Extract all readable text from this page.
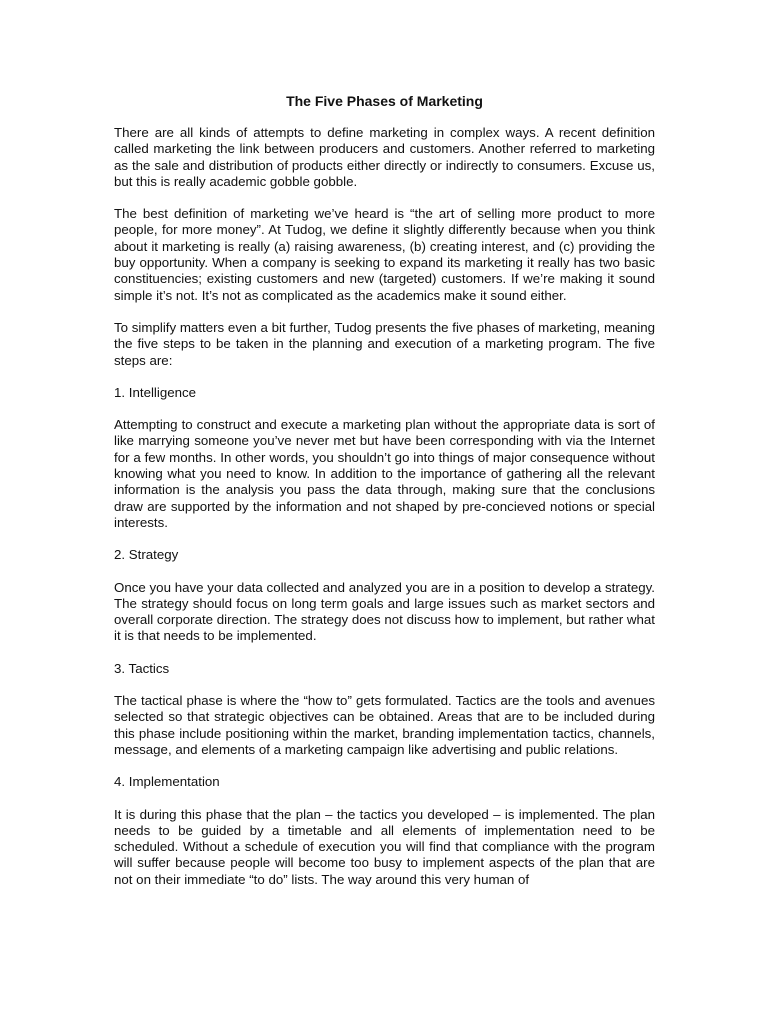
The Five Phases of Marketing

There are all kinds of attempts to define marketing in complex ways. A recent definition called marketing the link between producers and customers. Another referred to marketing as the sale and distribution of products either directly or indirectly to consumers. Excuse us, but this is really academic gobble gobble.

The best definition of marketing we’ve heard is “the art of selling more product to more people, for more money”. At Tudog, we define it slightly differently because when you think about it marketing is really (a) raising awareness, (b) creating interest, and (c) providing the buy opportunity. When a company is seeking to expand its marketing it really has two basic constituencies; existing customers and new (targeted) customers. If we’re making it sound simple it’s not. It’s not as complicated as the academics make it sound either.

To simplify matters even a bit further, Tudog presents the five phases of marketing, meaning the five steps to be taken in the planning and execution of a marketing program. The five steps are:

1. Intelligence

Attempting to construct and execute a marketing plan without the appropriate data is sort of like marrying someone you’ve never met but have been corresponding with via the Internet for a few months. In other words, you shouldn’t go into things of major consequence without knowing what you need to know. In addition to the importance of gathering all the relevant information is the analysis you pass the data through, making sure that the conclusions draw are supported by the information and not shaped by pre-concieved notions or special interests.

2. Strategy

Once you have your data collected and analyzed you are in a position to develop a strategy. The strategy should focus on long term goals and large issues such as market sectors and overall corporate direction. The strategy does not discuss how to implement, but rather what it is that needs to be implemented.

3. Tactics

The tactical phase is where the “how to” gets formulated. Tactics are the tools and avenues selected so that strategic objectives can be obtained. Areas that are to be included during this phase include positioning within the market, branding implementation tactics, channels, message, and elements of a marketing campaign like advertising and public relations.

4. Implementation

It is during this phase that the plan – the tactics you developed – is implemented. The plan needs to be guided by a timetable and all elements of implementation need to be scheduled. Without a schedule of execution you will find that compliance with the program will suffer because people will become too busy to implement aspects of the plan that are not on their immediate “to do” lists. The way around this very human of
